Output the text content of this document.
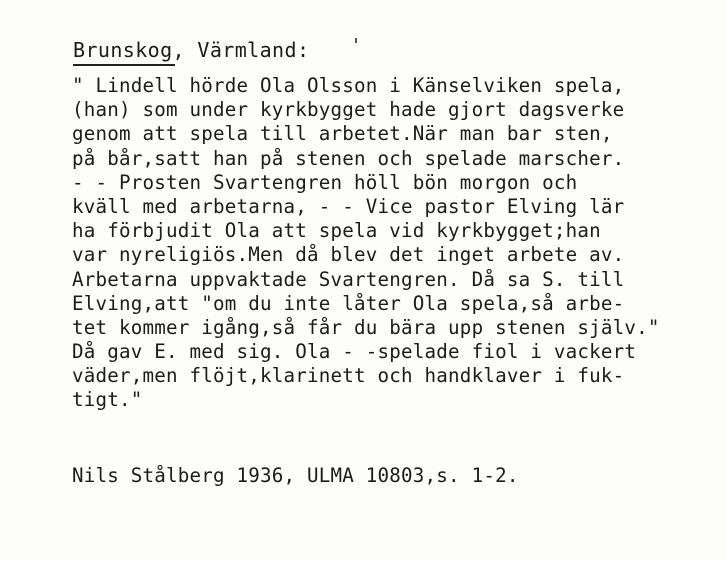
Brunskog, Värmland:
" Lindell hörde Ola Olsson i Känselviken spela,
(han) som under kyrkbygget hade gjort dagsverke
genom att spela till arbetet.När man bar sten,
på bår,satt han på stenen och spelade marscher.
- - Prosten Svartengren höll bön morgon och
kväll med arbetarna, - - Vice pastor Elving lär
ha förbjudit Ola att spela vid kyrkbygget;han
var nyreligiös.Men då blev det inget arbete av.
Arbetarna uppvaktade Svartengren. Då sa S. till
Elving,att "om du inte låter Ola spela,så arbe-
tet kommer igång,så får du bära upp stenen själv."
Då gav E. med sig. Ola - -spelade fiol i vackert
väder,men flöjt,klarinett och handklaver i fuk-
tigt."
Nils Stålberg 1936, ULMA 10803,s. 1-2.
